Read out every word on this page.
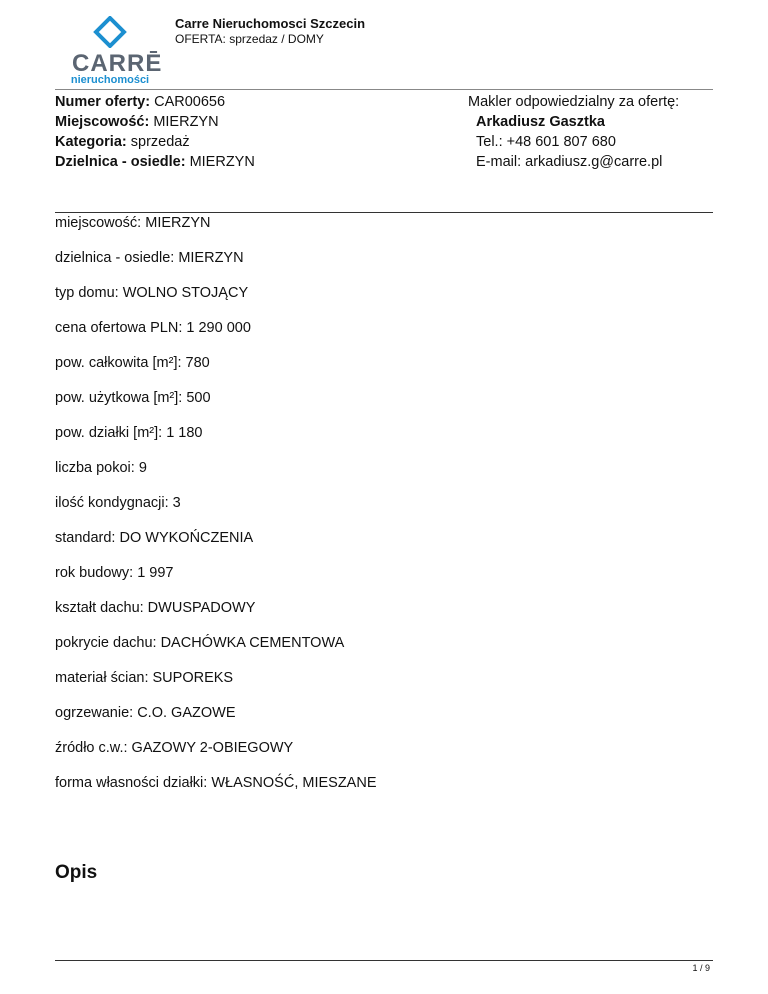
CARRĒ
nieruchomości
Carre Nieruchomosci Szczecin
OFERTA: sprzedaz / DOMY
Numer oferty: CAR00656
Miejscowość: MIERZYN
Kategoria: sprzedaż
Dzielnica - osiedle: MIERZYN
Makler odpowiedzialny za ofertę:
Arkadiusz Gasztka
Tel.: +48 601 807 680
E-mail: arkadiusz.g@carre.pl
miejscowość: MIERZYN
dzielnica - osiedle: MIERZYN
typ domu: WOLNO STOJĄCY
cena ofertowa PLN: 1 290 000
pow. całkowita [m²]: 780
pow. użytkowa [m²]: 500
pow. działki [m²]: 1 180
liczba pokoi: 9
ilość kondygnacji: 3
standard: DO WYKOŃCZENIA
rok budowy: 1 997
kształt dachu: DWUSPADOWY
pokrycie dachu: DACHÓWKA CEMENTOWA
materiał ścian: SUPOREKS
ogrzewanie: C.O. GAZOWE
źródło c.w.: GAZOWY 2-OBIEGOWY
forma własności działki: WŁASNOŚĆ, MIESZANE
Opis
1 / 9
